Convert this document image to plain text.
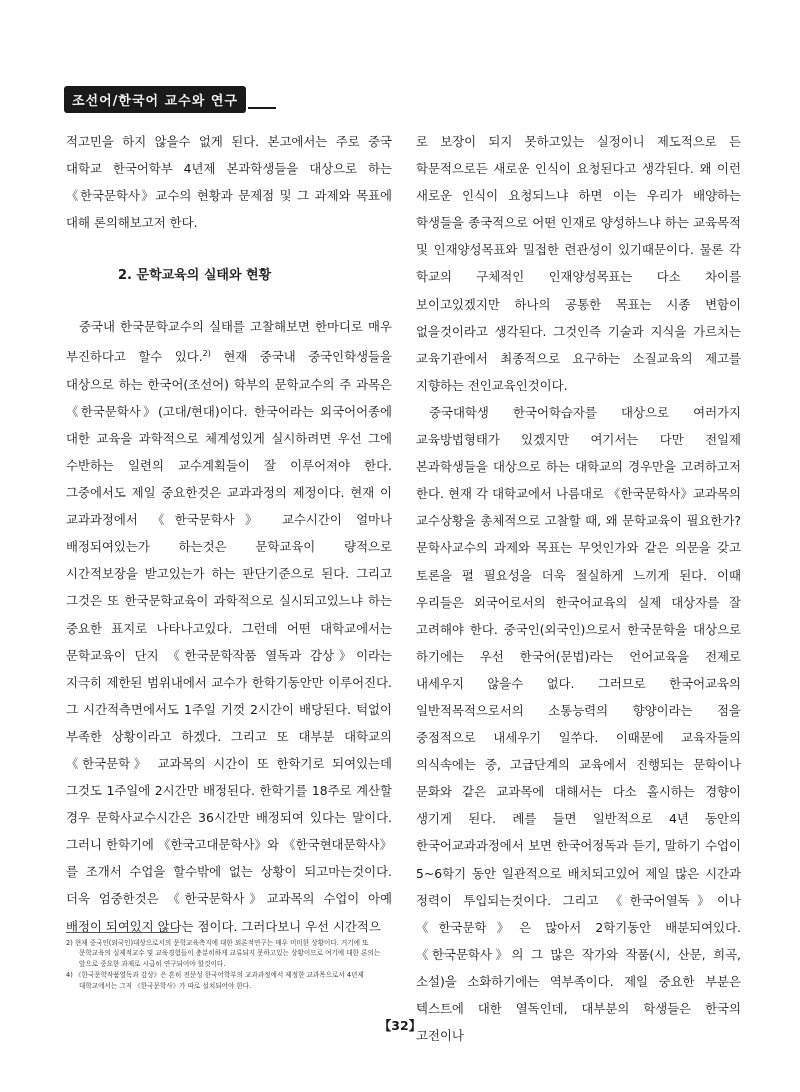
조선어/한국어 교수와 연구

적고민을 하지 않을수 없게 된다. 본고에서는 주로 중국 대학교 한국어학부 4년제 본과학생들을 대상으로 하는 《한국문학사》교수의 현황과 문제점 및 그 과제와 목표에 대해 론의해보고저 한다.

2. 문학교육의 실태와 현황

중국내 한국문학교수의 실태를 고찰해보면 한마디로 매우 부진하다고 할수 있다.$^{2)}$ 현재 중국내 중국인학생들을 대상으로 하는 한국어(조선어) 학부의 문학교수의 주 과목은 《한국문학사》(고대/현대)이다. 한국어라는 외국어어종에 대한 교육을 과학적으로 체계성있게 실시하려면 우선 그에 수반하는 일련의 교수계획들이 잘 이루어져야 한다. 그중에서도 제일 중요한것은 교과과정의 제정이다. 현재 이 교과과정에서 《한국문학사》 교수시간이 얼마나 배정되여있는가 하는것은 문학교육이 량적으로 시간적보장을 받고있는가 하는 판단기준으로 된다. 그리고 그것은 또 한국문학교육이 과학적으로 실시되고있느냐 하는 중요한 표지로 나타나고있다. 그런데 어떤 대학교에서는 문학교육이 단지 《한국문학작품 열독과 감상》이라는 지극히 제한된 범위내에서 교수가 한학기동안만 이루어진다. 그 시간적측면에서도 1주일 기껏 2시간이 배당된다. 턱없이 부족한 상황이라고 하겠다. 그리고 또 대부분 대학교의 《한국문학》 교과목의 시간이 또 한학기로 되여있는데 그것도 1주일에 2시간만 배정된다. 한학기를 18주로 계산할 경우 문학사교수시간은 36시간만 배정되여 있다는 말이다. 그러니 한학기에 《한국고대문학사》와 《한국현대문학사》를 조개서 수업을 할수밖에 없는 상황이 되고마는것이다. 더욱 엄중한것은 《한국문학사》교과목의 수업이 아예 배정이 되여있지 않다는 점이다. 그러다보니 우선 시간적으

로 보장이 되지 못하고있는 실정이니 제도적으로 든 학문적으로든 새로운 인식이 요청된다고 생각된다. 왜 이런 새로운 인식이 요청되느냐 하면 이는 우리가 배양하는 학생들을 종국적으로 어떤 인재로 양성하느냐 하는 교육목적 및 인재양성목표와 밀접한 련관성이 있기때문이다. 물론 각 학교의 구체적인 인재양성목표는 다소 차이를 보이고있겠지만 하나의 공통한 목표는 시종 변함이 없을것이라고 생각된다. 그것인즉 기술과 지식을 가르치는 교육기관에서 최종적으로 요구하는 소질교육의 제고를 지향하는 전인교육인것이다.

중국대학생 한국어학습자를 대상으로 여러가지 교육방법형태가 있겠지만 여기서는 다만 전일제 본과학생들을 대상으로 하는 대학교의 경우만을 고려하고저 한다. 현재 각 대학교에서 나름대로 《한국문학사》교과목의 교수상황을 총체적으로 고찰할 때, 왜 문학교육이 필요한가? 문학사교수의 과제와 목표는 무엇인가와 같은 의문을 갖고 토론을 펼 필요성을 더욱 절실하게 느끼게 된다. 이때 우리들은 외국어로서의 한국어교육의 실제 대상자를 잘 고려해야 한다. 중국인(외국인)으로서 한국문학을 대상으로 하기에는 우선 한국어(문법)라는 언어교육을 전제로 내세우지 않을수 없다. 그러므로 한국어교육의 일반적목적으로서의 소통능력의 향양이라는 점을 중점적으로 내세우기 일쑤다. 이때문에 교육자들의 의식속에는 중, 고급단계의 교육에서 진행되는 문학이나 문화와 같은 교과목에 대해서는 다소 홀시하는 경향이 생기게 된다. 례를 들면 일반적으로 4년 동안의 한국어교과과정에서 보면 한국어정독과 듣기, 말하기 수업이 5~6학기 동안 일관적으로 배치되고있어 제일 많은 시간과 정력이 투입되는것이다. 그리고 《한국어열독》이나 《한국문학》은 많아서 2학기동안 배분되여있다. 《한국문학사》의 그 많은 작가와 작품(시, 산문, 희곡, 소설)을 소화하기에는 역부족이다. 제일 중요한 부분은 텍스트에 대한 열독인데, 대부분의 학생들은 한국의 고전이나

2) 현재 중국인(외국인)대상으로서의 문학교육측지에 대한 외론적연구는 매우 미미한 상황이다. 거기에 또 문학교육의 실제적교수 및 교육경험들이 충분히하게 교류되지 못하고있는 상황이므로 여기에 대한 론의는 앞으로 중요한 과제로 시급히 연구되어야 할것이다.

4) 《한국문학작품열독과 감상》은 흔히 전문성 한국어학부의 교과과정에서 제정한 교과목으로서 4년제 대학교에서는 그저 《한국문학사》가 따로 설치되어야 한다.

【32】
